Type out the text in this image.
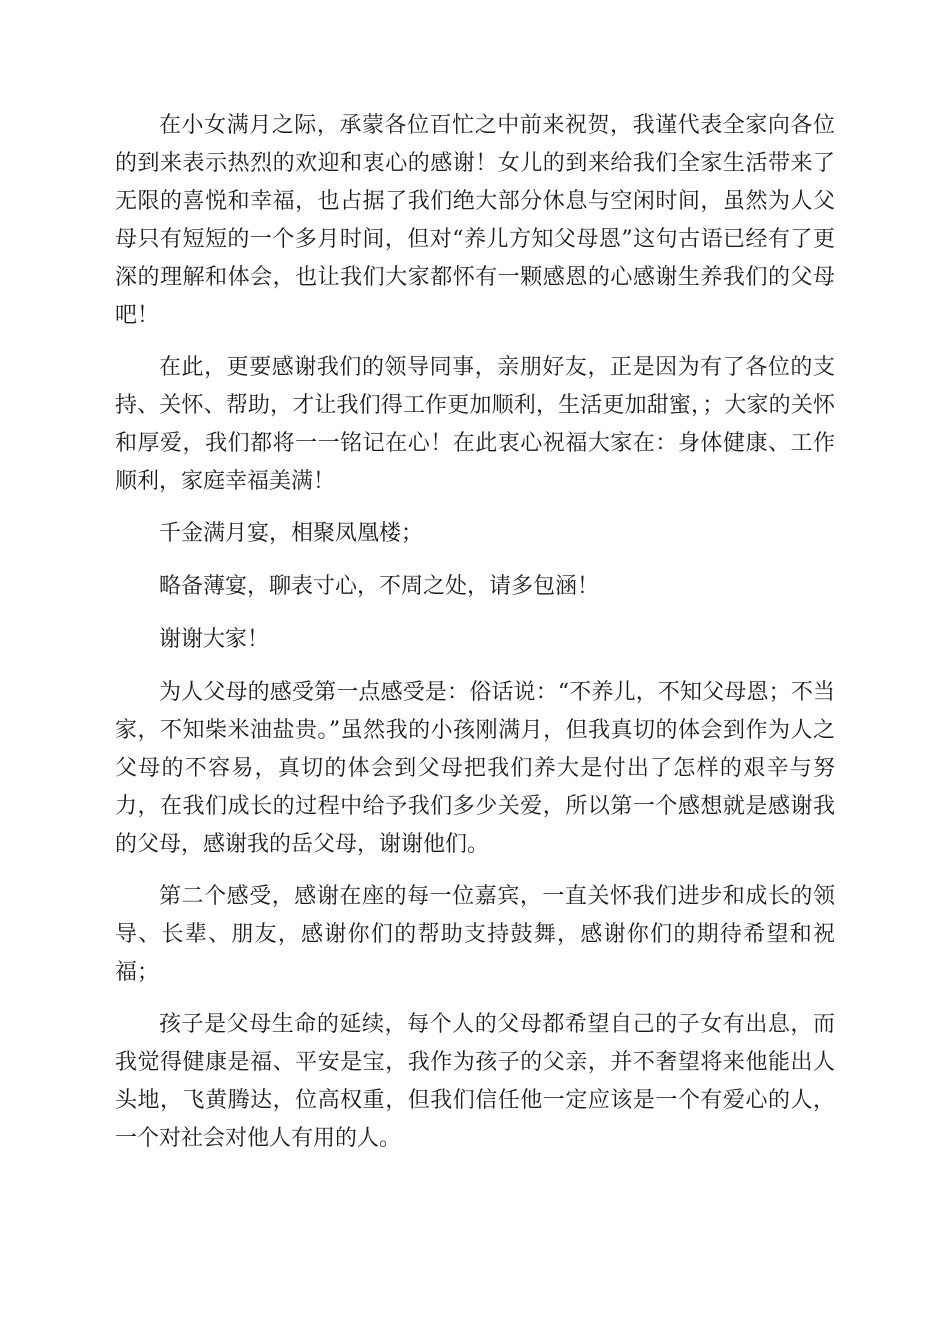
在小女满月之际，承蒙各位百忙之中前来祝贺，我谨代表全家向各位的到来表示热烈的欢迎和衷心的感谢！女儿的到来给我们全家生活带来了无限的喜悦和幸福，也占据了我们绝大部分休息与空闲时间，虽然为人父母只有短短的一个多月时间，但对“养儿方知父母恩”这句古语已经有了更深的理解和体会，也让我们大家都怀有一颗感恩的心感谢生养我们的父母吧！

在此，更要感谢我们的领导同事，亲朋好友，正是因为有了各位的支持、关怀、帮助，才让我们得工作更加顺利，生活更加甜蜜，；大家的关怀和厚爱，我们都将一一铭记在心！在此衷心祝福大家在：身体健康、工作顺利，家庭幸福美满！

千金满月宴，相聚凤凰楼；

略备薄宴，聊表寸心，不周之处，请多包涵！

谢谢大家！

为人父母的感受第一点感受是：俗话说：“不养儿，不知父母恩；不当家，不知柴米油盐贵。”虽然我的小孩刚满月，但我真切的体会到作为人之父母的不容易，真切的体会到父母把我们养大是付出了怎样的艰辛与努力，在我们成长的过程中给予我们多少关爱，所以第一个感想就是感谢我的父母，感谢我的岳父母，谢谢他们。

第二个感受，感谢在座的每一位嘉宾，一直关怀我们进步和成长的领导、长辈、朋友，感谢你们的帮助支持鼓舞，感谢你们的期待希望和祝福；

孩子是父母生命的延续，每个人的父母都希望自己的子女有出息，而我觉得健康是福、平安是宝，我作为孩子的父亲，并不奢望将来他能出人头地，飞黄腾达，位高权重，但我们信任他一定应该是一个有爱心的人，一个对社会对他人有用的人。
